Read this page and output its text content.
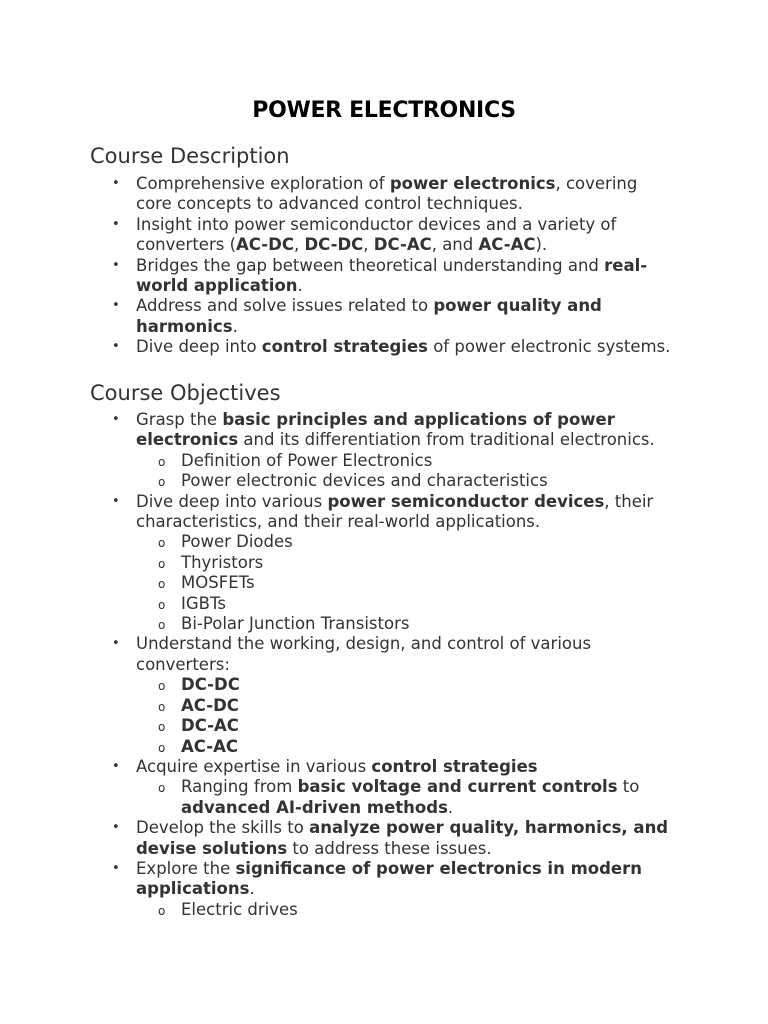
POWER ELECTRONICS
Course Description
• Comprehensive exploration of power electronics, covering core concepts to advanced control techniques.
• Insight into power semiconductor devices and a variety of converters (AC-DC, DC-DC, DC-AC, and AC-AC).
• Bridges the gap between theoretical understanding and real-world application.
• Address and solve issues related to power quality and harmonics.
• Dive deep into control strategies of power electronic systems.
Course Objectives
• Grasp the basic principles and applications of power electronics and its differentiation from traditional electronics.
o Definition of Power Electronics
o Power electronic devices and characteristics
• Dive deep into various power semiconductor devices, their characteristics, and their real-world applications.
o Power Diodes
o Thyristors
o MOSFETs
o IGBTs
o Bi-Polar Junction Transistors
• Understand the working, design, and control of various converters:
o DC-DC
o AC-DC
o DC-AC
o AC-AC
• Acquire expertise in various control strategies
o Ranging from basic voltage and current controls to advanced AI-driven methods.
• Develop the skills to analyze power quality, harmonics, and devise solutions to address these issues.
• Explore the significance of power electronics in modern applications.
o Electric drives
